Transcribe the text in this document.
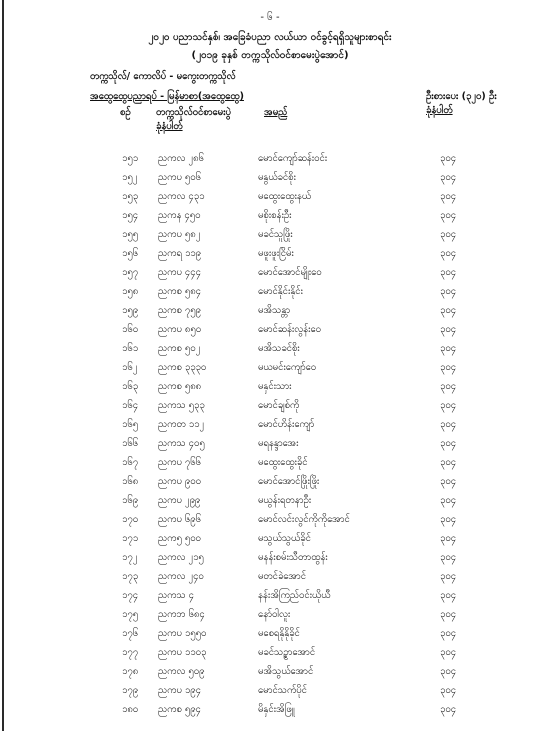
- ၆ -
၂၀၂၀ ပညာသင်နှစ်၊ အခြေခံပညာ လယ်ယာ ဝင်ခွင့်ရရှိသူများစာရင်း
(၂၀၁၉ ခုနှစ် တက္ကသိုလ်ဝင်စာမေးပွဲအောင်)
တက္ကသိုလ်/ ကောလိပ် - မကွေးတက္ကသိုလ်
အထွေထွေပညာရပ် - မြန်မာစာ(အထွေထွေ)	ဦးစားပေး (၃၂၀) ဦး
ခုံနံပါတ်
စဉ်	တက္ကသိုလ်ဝင်စာမေးပွဲ
ခုံနံပါတ်
အမည်
၁၅၁ ညကလ ၂၈၆	မောင်ကျော်ဆန်းဝင်း	၃၀၄
၁၅၂ ညကပ ၅၀၆	မနွယ်ခင်စိုး	၃၀၄
၁၅၃ ညကလ ၄၃၁	မထွေးထွေးနယ်	၃၀၄
၁၅၄ ညကန ၄၅၀	မစိုးစန်းဦး	၃၀၄
၁၅၅ ညကပ ၅၈၂	မခင်သူဖြိုး	၃၀၄
၁၅၆ ညကရ ၁၁၉	မဖူးဖူးငြိမ်း	၃၀၄
၁၅၇ ညကပ ၄၄၄	မောင်အောင်မျိုးဝေ	၃၀၄
၁၅၈ ညကစ ၅၈၄	မောင်နိုင်းနိုင်း	၃၀၄
၁၅၉ ညကစ ၇၅၉	မအိသန္တာ	၃၀၄
၁၆၀ ညကပ ၈၅၀	မောင်ဆန်းလွန်းဝေ	၃၀၄
၁၆၁ ညကစ ၅၀၂	မအိသခင်စိုး	၃၀၄
၁၆၂ ညကစ ၃၃၃၀	မယမင်းကျော်ဝေ	၃၀၄
၁၆၃ ညကစ ၅၈၈	မနှင်းသား	၃၀၄
၁၆၄ ညကသ ၅၃၃	မောင်ချစ်ကို	၃၀၄
၁၆၅ ညကတ ၁၁၂	မောင်ဟိန်းကျော်	၃၀၄
၁၆၆ ညကသ ၄၀၅	မရနန္ဒာအေး	၃၀၄
၁၆၇ ညကပ ၇၆၆	မထွေးထွေးခိုင်	၃၀၄
၁၆၈ ညကပ ၉၀၀	မောင်အောင်ဖြိုးဖြိုး	၃၀၄
၁၆၉ ညကပ ၂၉၉	မယွန်းရတနာဦး	၃၀၄
၁၇၀ ညကပ ၆၉၆	မောင်လင်းလွင်ကိုကိုအောင်	၃၀၄
၁၇၁ ညက၅ ၅၀၀	မသွယ်သွယ်ခိုင်	၃၀၄
၁၇၂ ညကလ ၂၁၅	မနန်းစမ်းသီတာထွန်း	၃၀၄
၁၇၃ ညကလ ၂၄၀	မတင်ခဲအောင်	၃၀၄
၁၇၄ ညကသ ၄	နန်းအိကြည်ဝင်းယိုယီ	၃၀၄
၁၇၅ ညကဘ ၆၈၄	နော်ဝါလူး	၃၀၄
၁၇၆ ညကပ ၁၅၅၀	မစေရနိုနိုခိုင်	၃၀၄
၁၇၇ ညကပ ၁၁၀၃	မခင်သဥ္စာအောင်	၃၀၄
၁၇၈ ညကလ ၅၀၉	မအိသွယ်အောင်	၃၀၄
၁၇၉ ညကပ ၁၉၄	မောင်သက်ပိုင်	၃၀၄
၁၈၀ ညကစ ၅၉၄	မိနှင်းအိဖြူ	၃၀၄
